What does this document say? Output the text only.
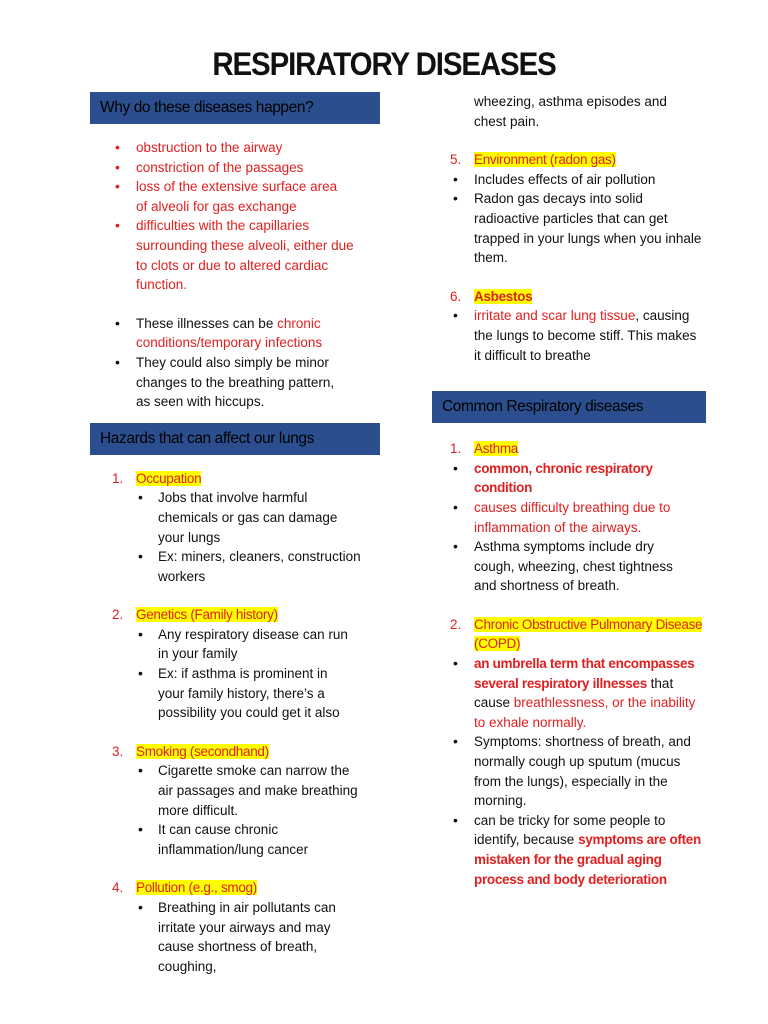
RESPIRATORY DISEASES
Why do these diseases happen?
• obstruction to the airway
• constriction of the passages
• loss of the extensive surface area of alveoli for gas exchange
• difficulties with the capillaries surrounding these alveoli, either due to clots or due to altered cardiac function.
• These illnesses can be chronic conditions/temporary infections
• They could also simply be minor changes to the breathing pattern, as seen with hiccups.
Hazards that can affect our lungs
1. Occupation
• Jobs that involve harmful chemicals or gas can damage your lungs
• Ex: miners, cleaners, construction workers
2. Genetics (Family history)
• Any respiratory disease can run in your family
• Ex: if asthma is prominent in your family history, there’s a possibility you could get it also
3. Smoking (secondhand)
• Cigarette smoke can narrow the air passages and make breathing more difficult.
• It can cause chronic inflammation/lung cancer
4. Pollution (e.g., smog)
• Breathing in air pollutants can irritate your airways and may cause shortness of breath, coughing,
wheezing, asthma episodes and chest pain.
5. Environment (radon gas)
• Includes effects of air pollution
• Radon gas decays into solid radioactive particles that can get trapped in your lungs when you inhale them.
6. Asbestos
• irritate and scar lung tissue, causing the lungs to become stiff. This makes it difficult to breathe
Common Respiratory diseases
1. Asthma
• common, chronic respiratory condition
• causes difficulty breathing due to inflammation of the airways.
• Asthma symptoms include dry cough, wheezing, chest tightness and shortness of breath.
2. Chronic Obstructive Pulmonary Disease (COPD)
• an umbrella term that encompasses several respiratory illnesses that cause breathlessness, or the inability to exhale normally.
• Symptoms: shortness of breath, and normally cough up sputum (mucus from the lungs), especially in the morning.
• can be tricky for some people to identify, because symptoms are often mistaken for the gradual aging process and body deterioration
